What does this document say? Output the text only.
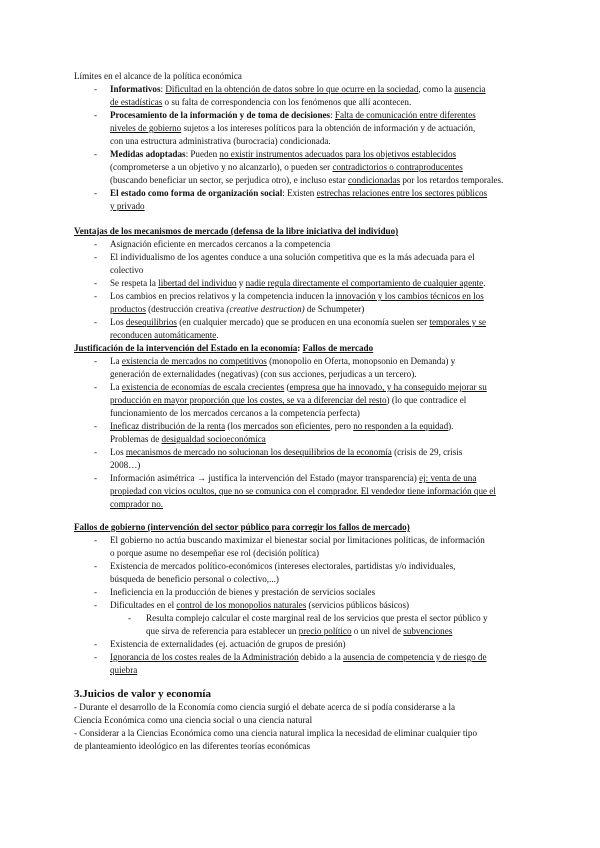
Límites en el alcance de la política económica
- Informativos: Dificultad en la obtención de datos sobre lo que ocurre en la sociedad, como la ausencia
de estadísticas o su falta de correspondencia con los fenómenos que allí acontecen.
- Procesamiento de la información y de toma de decisiones: Falta de comunicación entre diferentes
niveles de gobierno sujetos a los intereses políticos para la obtención de información y de actuación,
con una estructura administrativa (burocracia) condicionada.
- Medidas adoptadas: Pueden no existir instrumentos adecuados para los objetivos establecidos
(comprometerse a un objetivo y no alcanzarlo), o pueden ser contradictorios o contraproducentes
(buscando beneficiar un sector, se perjudica otro), e incluso estar condicionadas por los retardos temporales.
- El estado como forma de organización social: Existen estrechas relaciones entre los sectores públicos
y privado
Ventajas de los mecanismos de mercado (defensa de la libre iniciativa del individuo)
- Asignación eficiente en mercados cercanos a la competencia
- El individualismo de los agentes conduce a una solución competitiva que es la más adecuada para el
colectivo
- Se respeta la libertad del individuo y nadie regula directamente el comportamiento de cualquier agente.
- Los cambios en precios relativos y la competencia inducen la innovación y los cambios técnicos en los
productos (destrucción creativa (creative destruction) de Schumpeter)
- Los desequilibrios (en cualquier mercado) que se producen en una economía suelen ser temporales y se
reconducen automáticamente.
Justificación de la intervención del Estado en la economía: Fallos de mercado
- La existencia de mercados no competitivos (monopolio en Oferta, monopsonio en Demanda) y
generación de externalidades (negativas) (con sus acciones, perjudicas a un tercero).
- La existencia de economías de escala crecientes (empresa que ha innovado, y ha conseguido mejorar su
producción en mayor proporción que los costes, se va a diferenciar del resto) (lo que contradice el
funcionamiento de los mercados cercanos a la competencia perfecta)
- Ineficaz distribución de la renta (los mercados son eficientes, pero no responden a la equidad).
Problemas de desigualdad socioeconómica
- Los mecanismos de mercado no solucionan los desequilibrios de la economía (crisis de 29, crisis
2008…)
- Información asimétrica → justifica la intervención del Estado (mayor transparencia) ej: venta de una
propiedad con vicios ocultos, que no se comunica con el comprador. El vendedor tiene información que el
comprador no.
Fallos de gobierno (intervención del sector público para corregir los fallos de mercado)
- El gobierno no actúa buscando maximizar el bienestar social por limitaciones políticas, de información
o porque asume no desempeñar ese rol (decisión política)
- Existencia de mercados político-económicos (intereses electorales, partidistas y/o individuales,
búsqueda de beneficio personal o colectivo,...)
- Ineficiencia en la producción de bienes y prestación de servicios sociales
- Dificultades en el control de los monopolios naturales (servicios públicos básicos)
- Resulta complejo calcular el coste marginal real de los servicios que presta el sector público y
que sirva de referencia para establecer un precio político o un nivel de subvenciones
- Existencia de externalidades (ej. actuación de grupos de presión)
- Ignorancia de los costes reales de la Administración debido a la ausencia de competencia y de riesgo de
quiebra
3.Juicios de valor y economía
- Durante el desarrollo de la Economía como ciencia surgió el debate acerca de si podía considerarse a la
Ciencia Económica como una ciencia social o una ciencia natural
- Considerar a la Ciencias Económica como una ciencia natural implica la necesidad de eliminar cualquier tipo
de planteamiento ideológico en las diferentes teorías económicas
